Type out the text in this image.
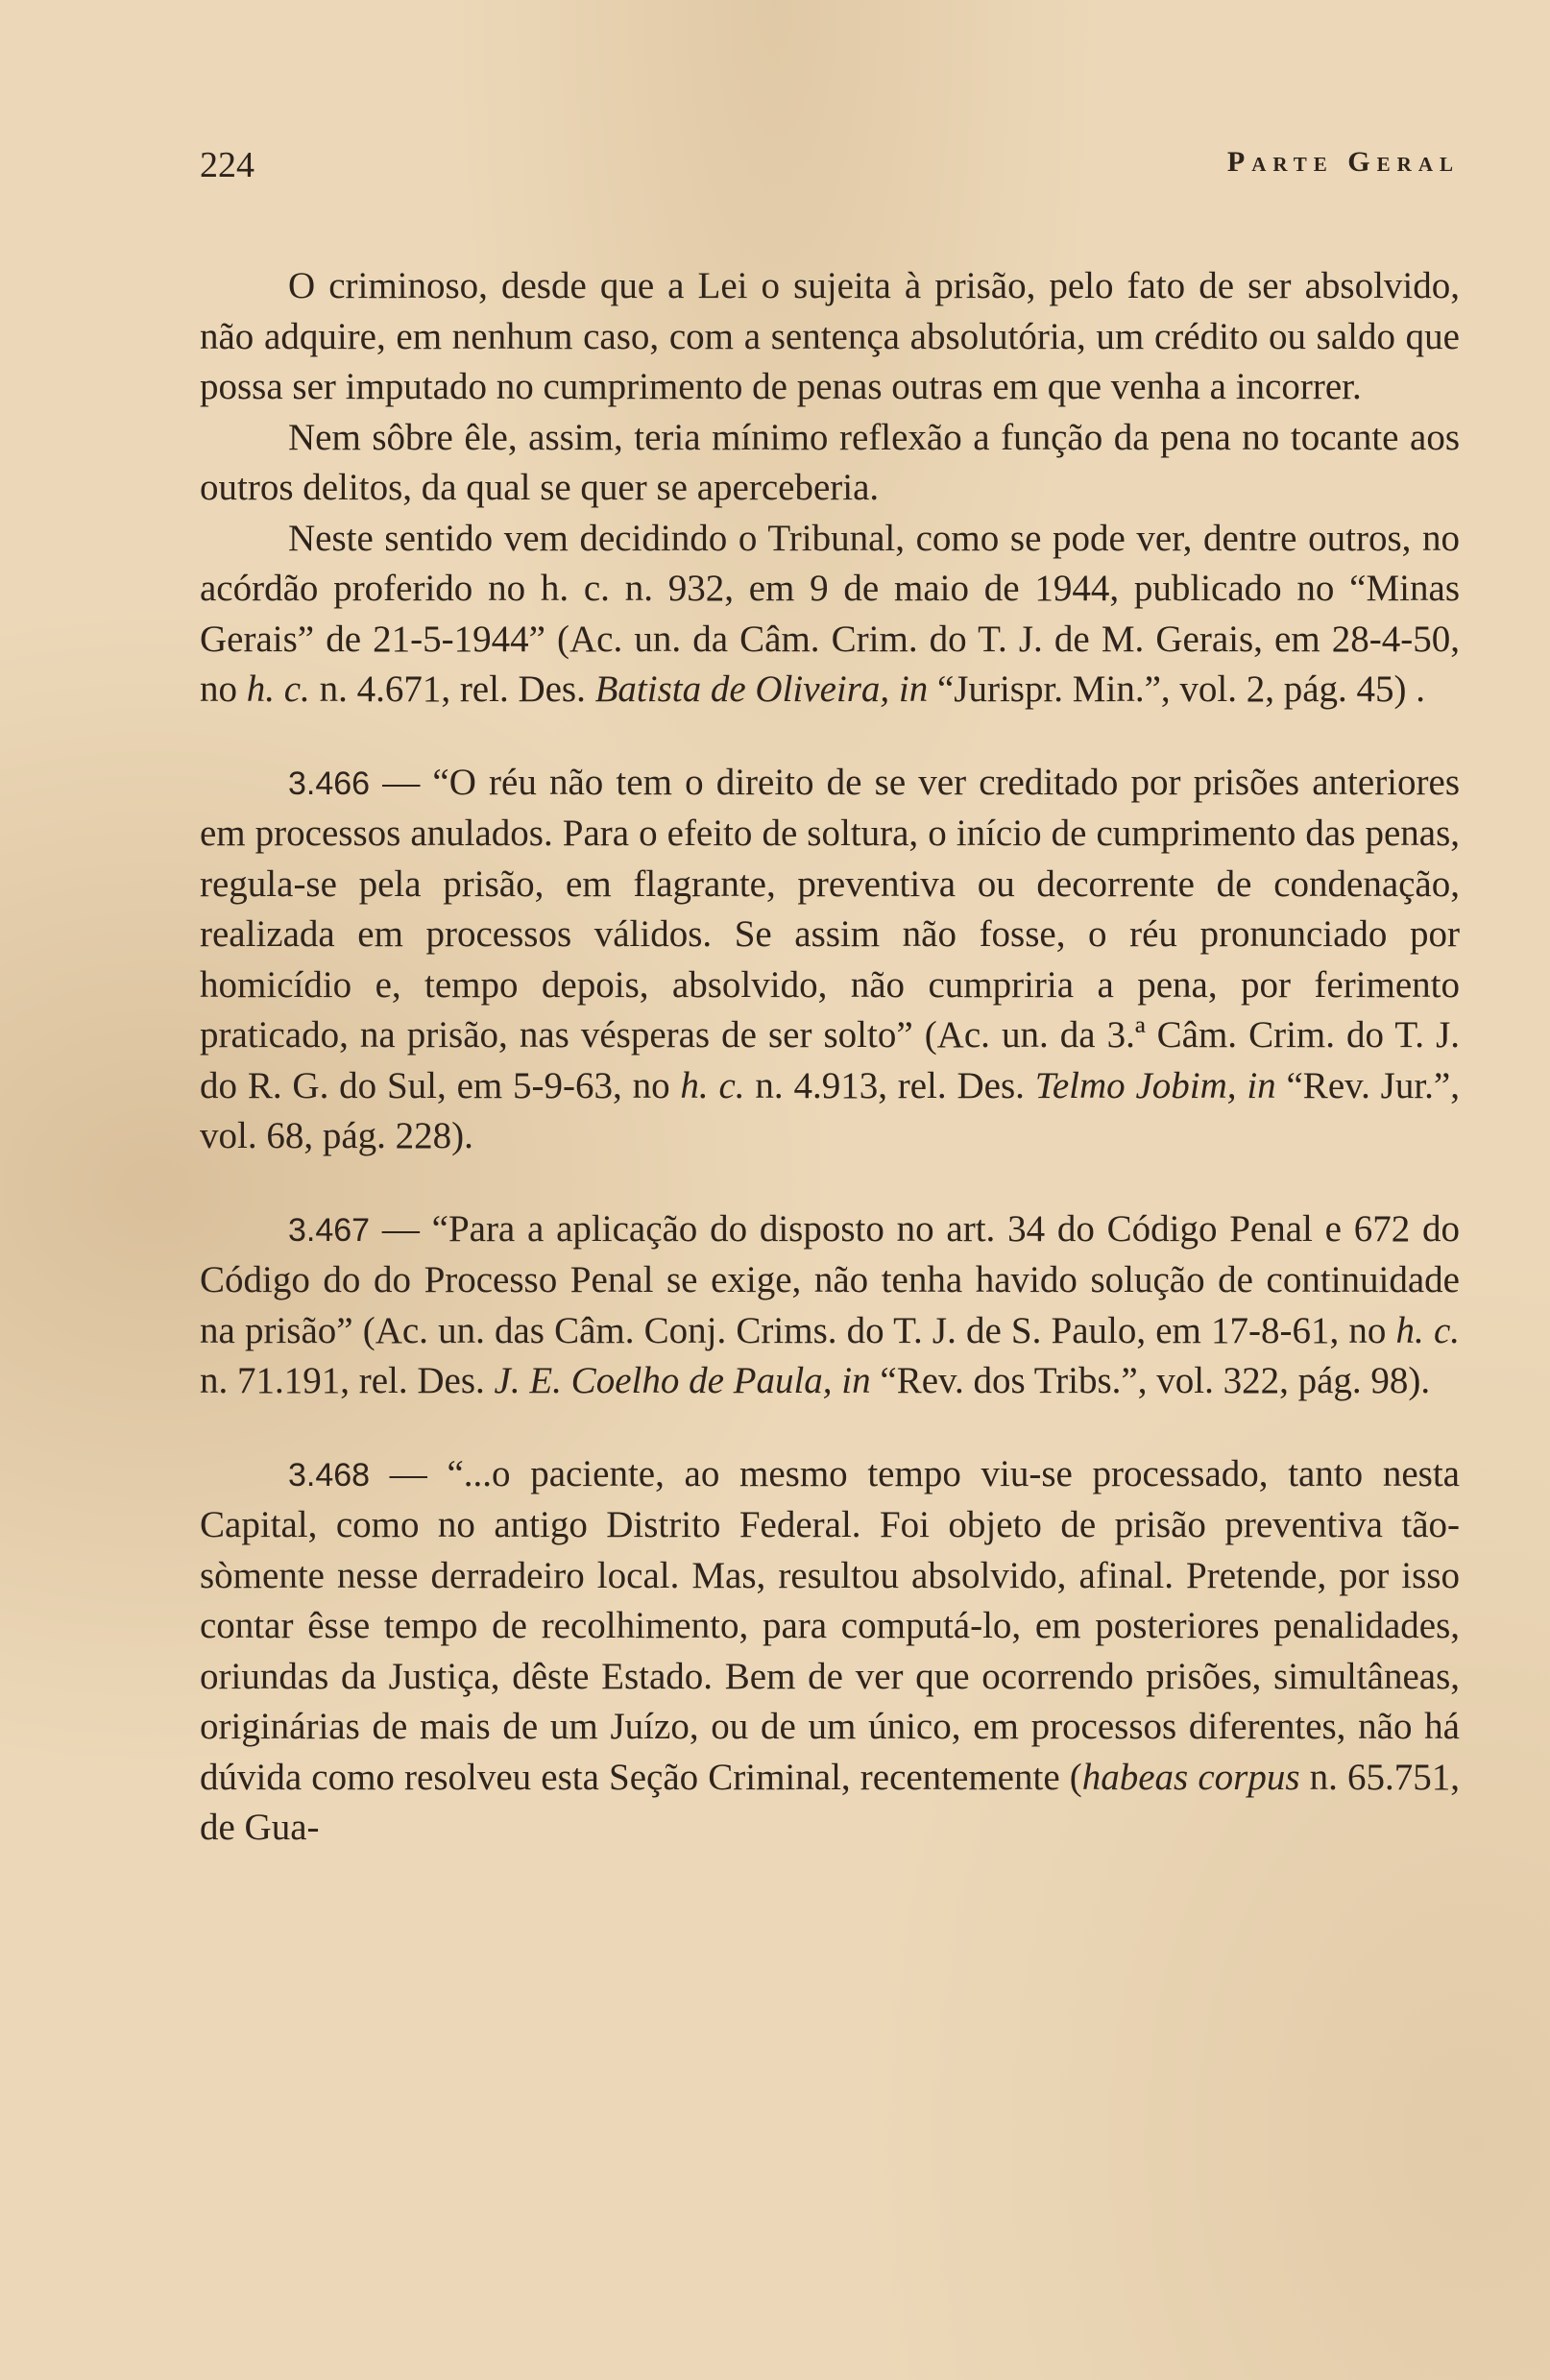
224	Parte Geral

O criminoso, desde que a Lei o sujeita à prisão, pelo fato de ser absolvido, não adquire, em nenhum caso, com a sentença absolutória, um crédito ou saldo que possa ser imputado no cumprimento de penas outras em que venha a incorrer.

Nem sôbre êle, assim, teria mínimo reflexão a função da pena no tocante aos outros delitos, da qual se quer se aperceberia.

Neste sentido vem decidindo o Tribunal, como se pode ver, dentre outros, no acórdão proferido no h. c. n. 932, em 9 de maio de 1944, publicado no “Minas Gerais” de 21-5-1944” (Ac. un. da Câm. Crim. do T. J. de M. Gerais, em 28-4-50, no h. c. n. 4.671, rel. Des. Batista de Oliveira, in “Jurispr. Min.”, vol. 2, pág. 45) .

3.466 — “O réu não tem o direito de se ver creditado por prisões anteriores em processos anulados. Para o efeito de soltura, o início de cumprimento das penas, regula-se pela prisão, em flagrante, preventiva ou decorrente de condenação, realizada em processos válidos. Se assim não fosse, o réu pronunciado por homicídio e, tempo depois, absolvido, não cumpriria a pena, por ferimento praticado, na prisão, nas vésperas de ser solto” (Ac. un. da 3.ª Câm. Crim. do T. J. do R. G. do Sul, em 5-9-63, no h. c. n. 4.913, rel. Des. Telmo Jobim, in “Rev. Jur.”, vol. 68, pág. 228).

3.467 — “Para a aplicação do disposto no art. 34 do Código Penal e 672 do Código do do Processo Penal se exige, não tenha havido solução de continuidade na prisão” (Ac. un. das Câm. Conj. Crims. do T. J. de S. Paulo, em 17-8-61, no h. c. n. 71.191, rel. Des. J. E. Coelho de Paula, in “Rev. dos Tribs.”, vol. 322, pág. 98).

3.468 — “...o paciente, ao mesmo tempo viu-se processado, tanto nesta Capital, como no antigo Distrito Federal. Foi objeto de prisão preventiva tão-sòmente nesse derradeiro local. Mas, resultou absolvido, afinal. Pretende, por isso contar êsse tempo de recolhimento, para computá-lo, em posteriores penalidades, oriundas da Justiça, dêste Estado. Bem de ver que ocorrendo prisões, simultâneas, originárias de mais de um Juízo, ou de um único, em processos diferentes, não há dúvida como resolveu esta Seção Criminal, recentemente (habeas corpus n. 65.751, de Gua-
